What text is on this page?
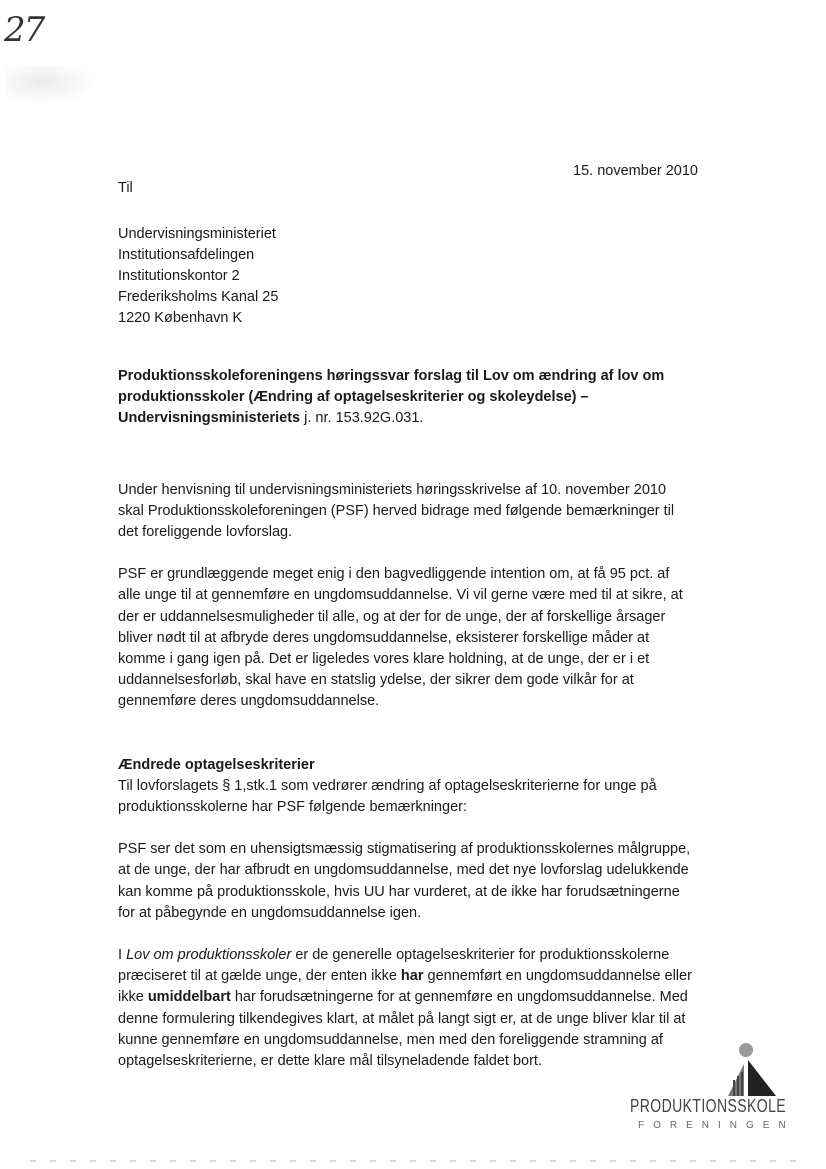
27
15. november 2010
Til
Undervisningsministeriet
Institutionsafdelingen
Institutionskontor 2
Frederiksholms Kanal 25
1220 København K

Produktionsskoleforeningens høringssvar forslag til Lov om ændring af lov om produktionsskoler (Ændring af optagelseskriterier og skoleydelse) – Undervisningsministeriets j. nr. 153.92G.031.

Under henvisning til undervisningsministeriets høringsskrivelse af 10. november 2010 skal Produktionsskoleforeningen (PSF) herved bidrage med følgende bemærkninger til det foreliggende lovforslag.

PSF er grundlæggende meget enig i den bagvedliggende intention om, at få 95 pct. af alle unge til at gennemføre en ungdomsuddannelse. Vi vil gerne være med til at sikre, at der er uddannelsesmuligheder til alle, og at der for de unge, der af forskellige årsager bliver nødt til at afbryde deres ungdomsuddannelse, eksisterer forskellige måder at komme i gang igen på. Det er ligeledes vores klare holdning, at de unge, der er i et uddannelsesforløb, skal have en statslig ydelse, der sikrer dem gode vilkår for at gennemføre deres ungdomsuddannelse.

Ændrede optagelseskriterier

Til lovforslagets § 1,stk.1 som vedrører ændring af optagelseskriterierne for unge på produktionsskolerne har PSF følgende bemærkninger:

PSF ser det som en uhensigtsmæssig stigmatisering af produktionsskolernes målgruppe, at de unge, der har afbrudt en ungdomsuddannelse, med det nye lovforslag udelukkende kan komme på produktionsskole, hvis UU har vurderet, at de ikke har forudsætningerne for at påbegynde en ungdomsuddannelse igen.

I Lov om produktionsskoler er de generelle optagelseskriterier for produktionsskolerne præciseret til at gælde unge, der enten ikke har gennemført en ungdomsuddannelse eller ikke umiddelbart har forudsætningerne for at gennemføre en ungdomsuddannelse. Med denne formulering tilkendegives klart, at målet på langt sigt er, at de unge bliver klar til at kunne gennemføre en ungdomsuddannelse, men med den foreliggende stramning af optagelseskriterierne, er dette klare mål tilsyneladende faldet bort.

PRODUKTIONSSKOLE
FORENINGEN
